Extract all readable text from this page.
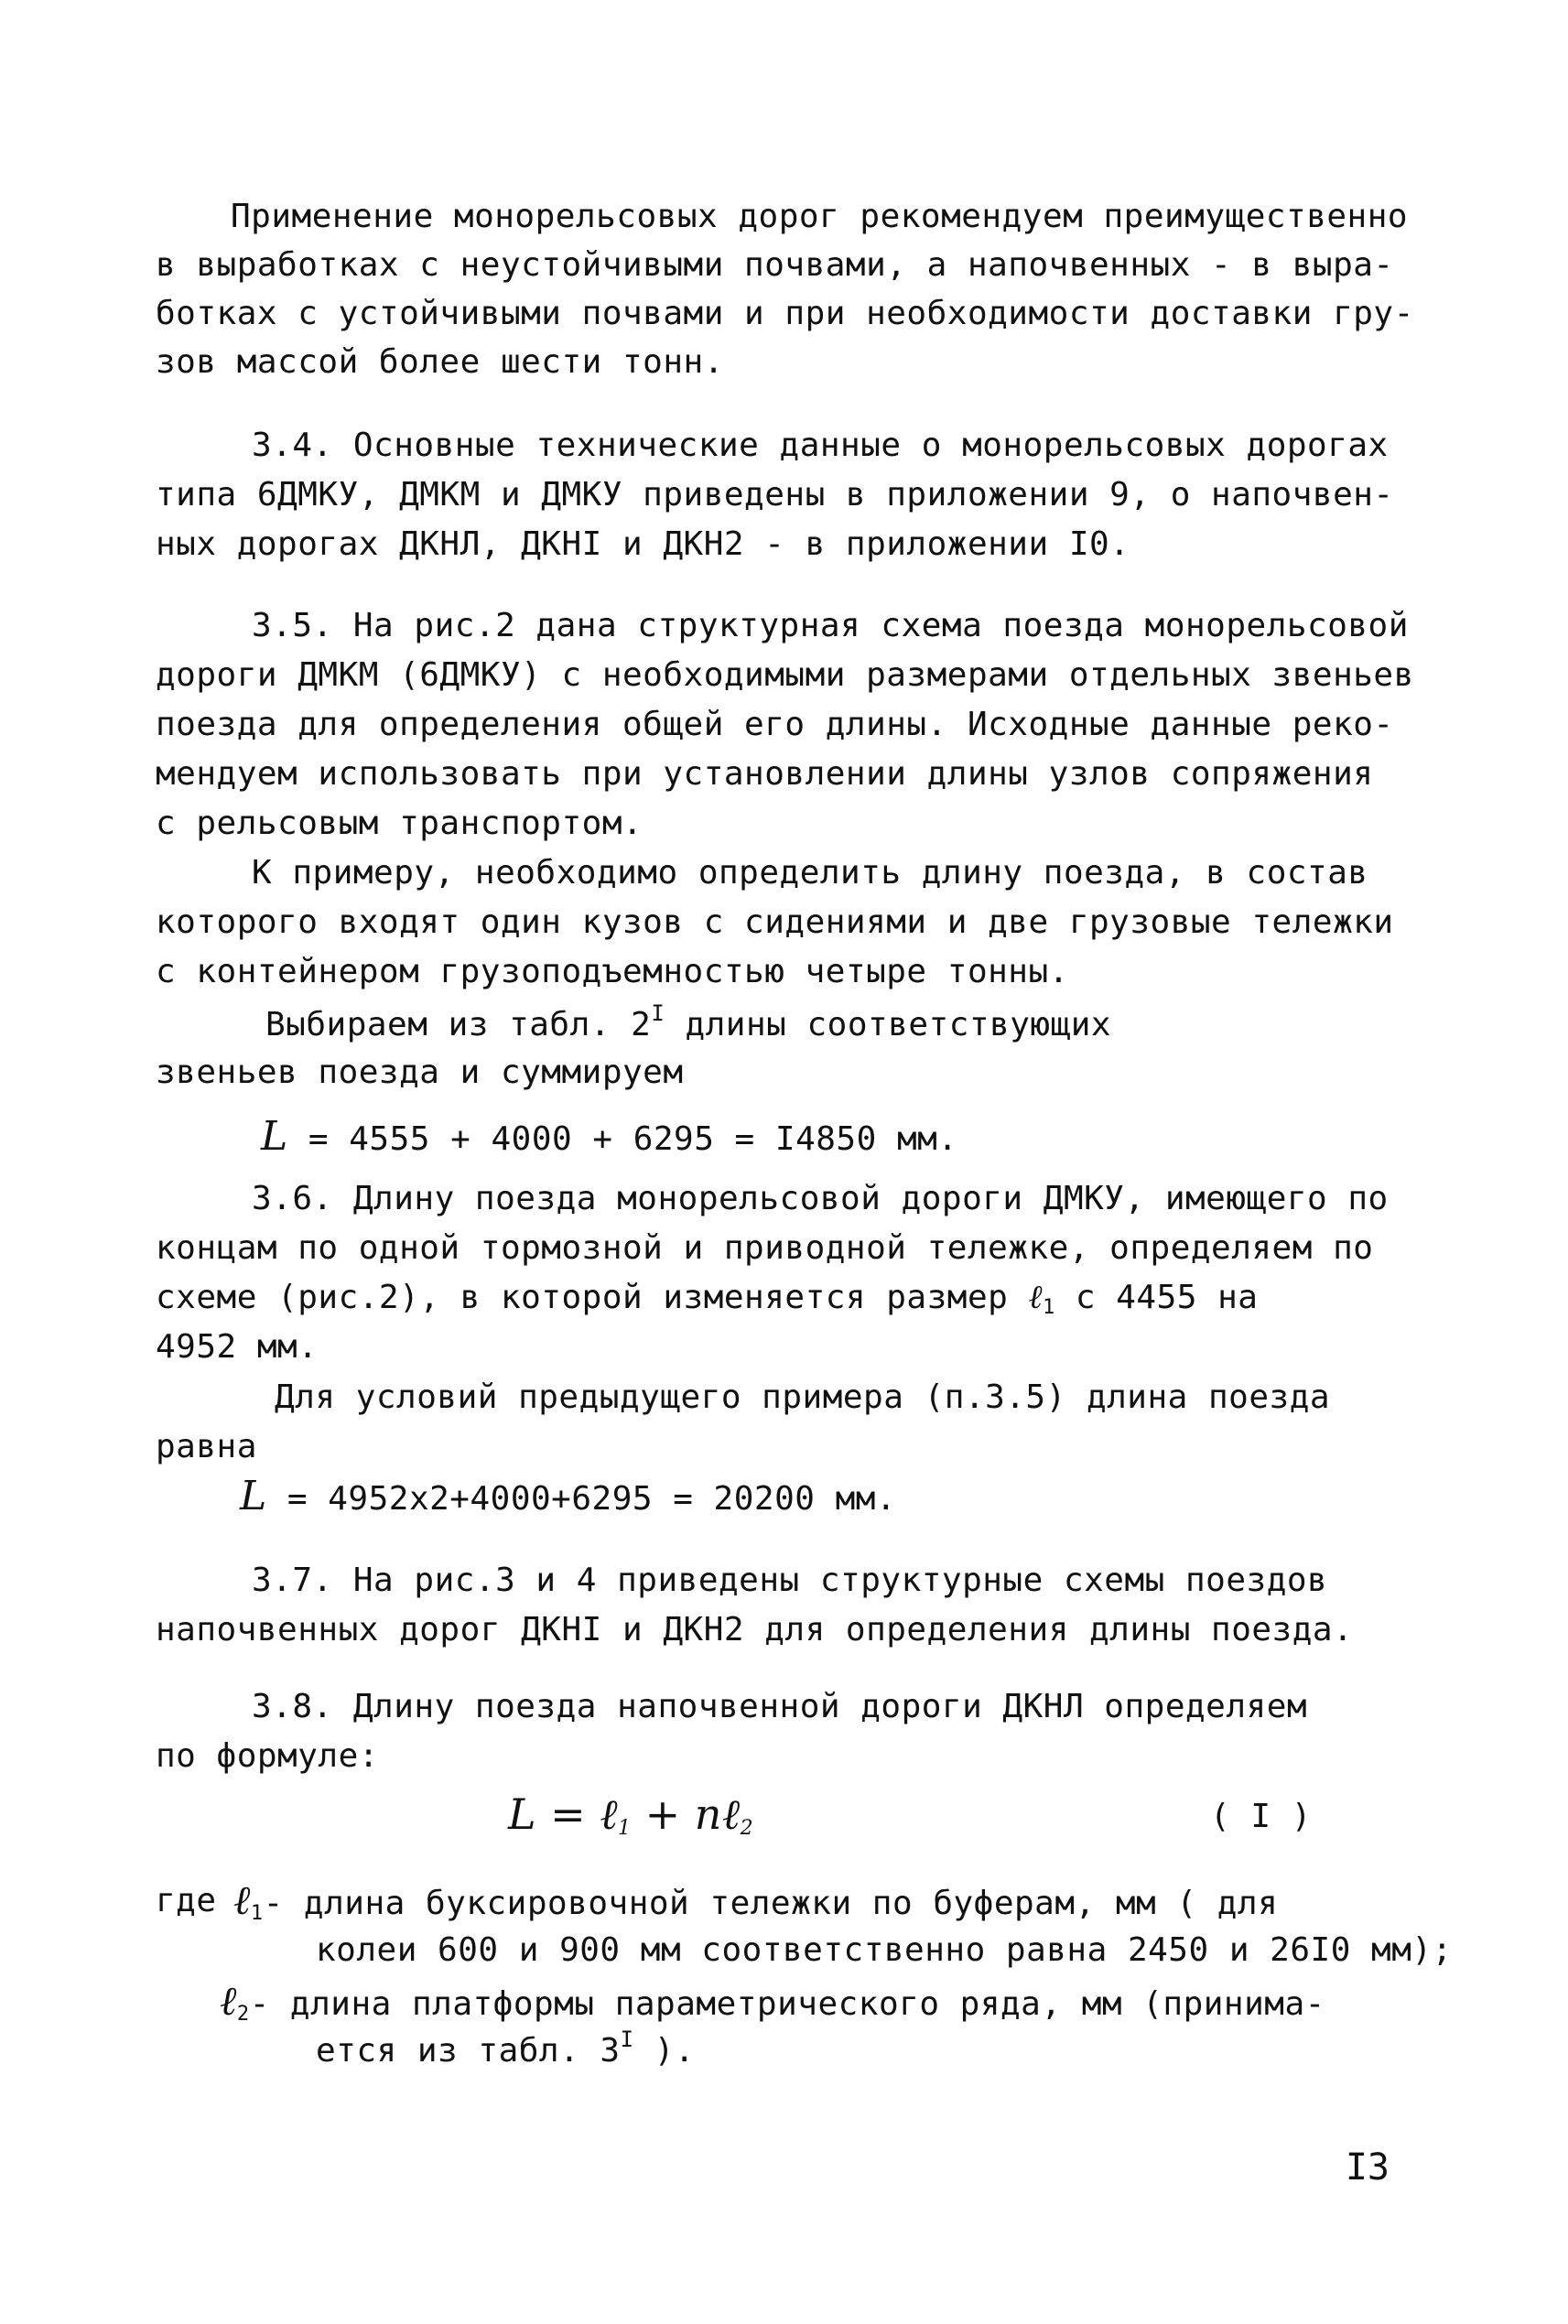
Применение монорельсовых дорог рекомендуем преимущественно
в выработках с неустойчивыми почвами, а напочвенных - в выра-
ботках с устойчивыми почвами и при необходимости доставки гру-
зов массой более шести тонн.
3.4. Основные технические данные о монорельсовых дорогах
типа 6ДМКУ, ДМКМ и ДМКУ приведены в приложении 9, о напочвен-
ных дорогах ДКНЛ, ДКНI и ДКН2 - в приложении I0.
3.5. На рис.2 дана структурная схема поезда монорельсовой
дороги ДМКМ (6ДМКУ) с необходимыми размерами отдельных звеньев
поезда для определения общей его длины. Исходные данные реко-
мендуем использовать при установлении длины узлов сопряжения
с рельсовым транспортом.
К примеру, необходимо определить длину поезда, в состав
которого входят один кузов с сидениями и две грузовые тележки
с контейнером грузоподъемностью четыре тонны.
Выбираем из табл. $2^I$ длины соответствующих
звеньев поезда и суммируем
L = 4555 + 4000 + 6295 = I4850 мм.
3.6. Длину поезда монорельсовой дороги ДМКУ, имеющего по
концам по одной тормозной и приводной тележке, определяем по
схеме (рис.2), в которой изменяется размер ℓ$_1$ с 4455 на
4952 мм.
Для условий предыдущего примера (п.3.5) длина поезда
равна
L = 4952х2+4000+6295 = 20200 мм.
3.7. На рис.3 и 4 приведены структурные схемы поездов
напочвенных дорог ДКНI и ДКН2 для определения длины поезда.
3.8. Длину поезда напочвенной дороги ДКНЛ определяем
по формуле:
L = ℓ$_1$ + nℓ$_2$	( I )
где ℓ$_1$- длина буксировочной тележки по буферам, мм ( для
колеи 600 и 900 мм соответственно равна 2450 и 26I0 мм);
ℓ$_2$- длина платформы параметрического ряда, мм (принима-
ется из табл. $3^I$ ).
I3
